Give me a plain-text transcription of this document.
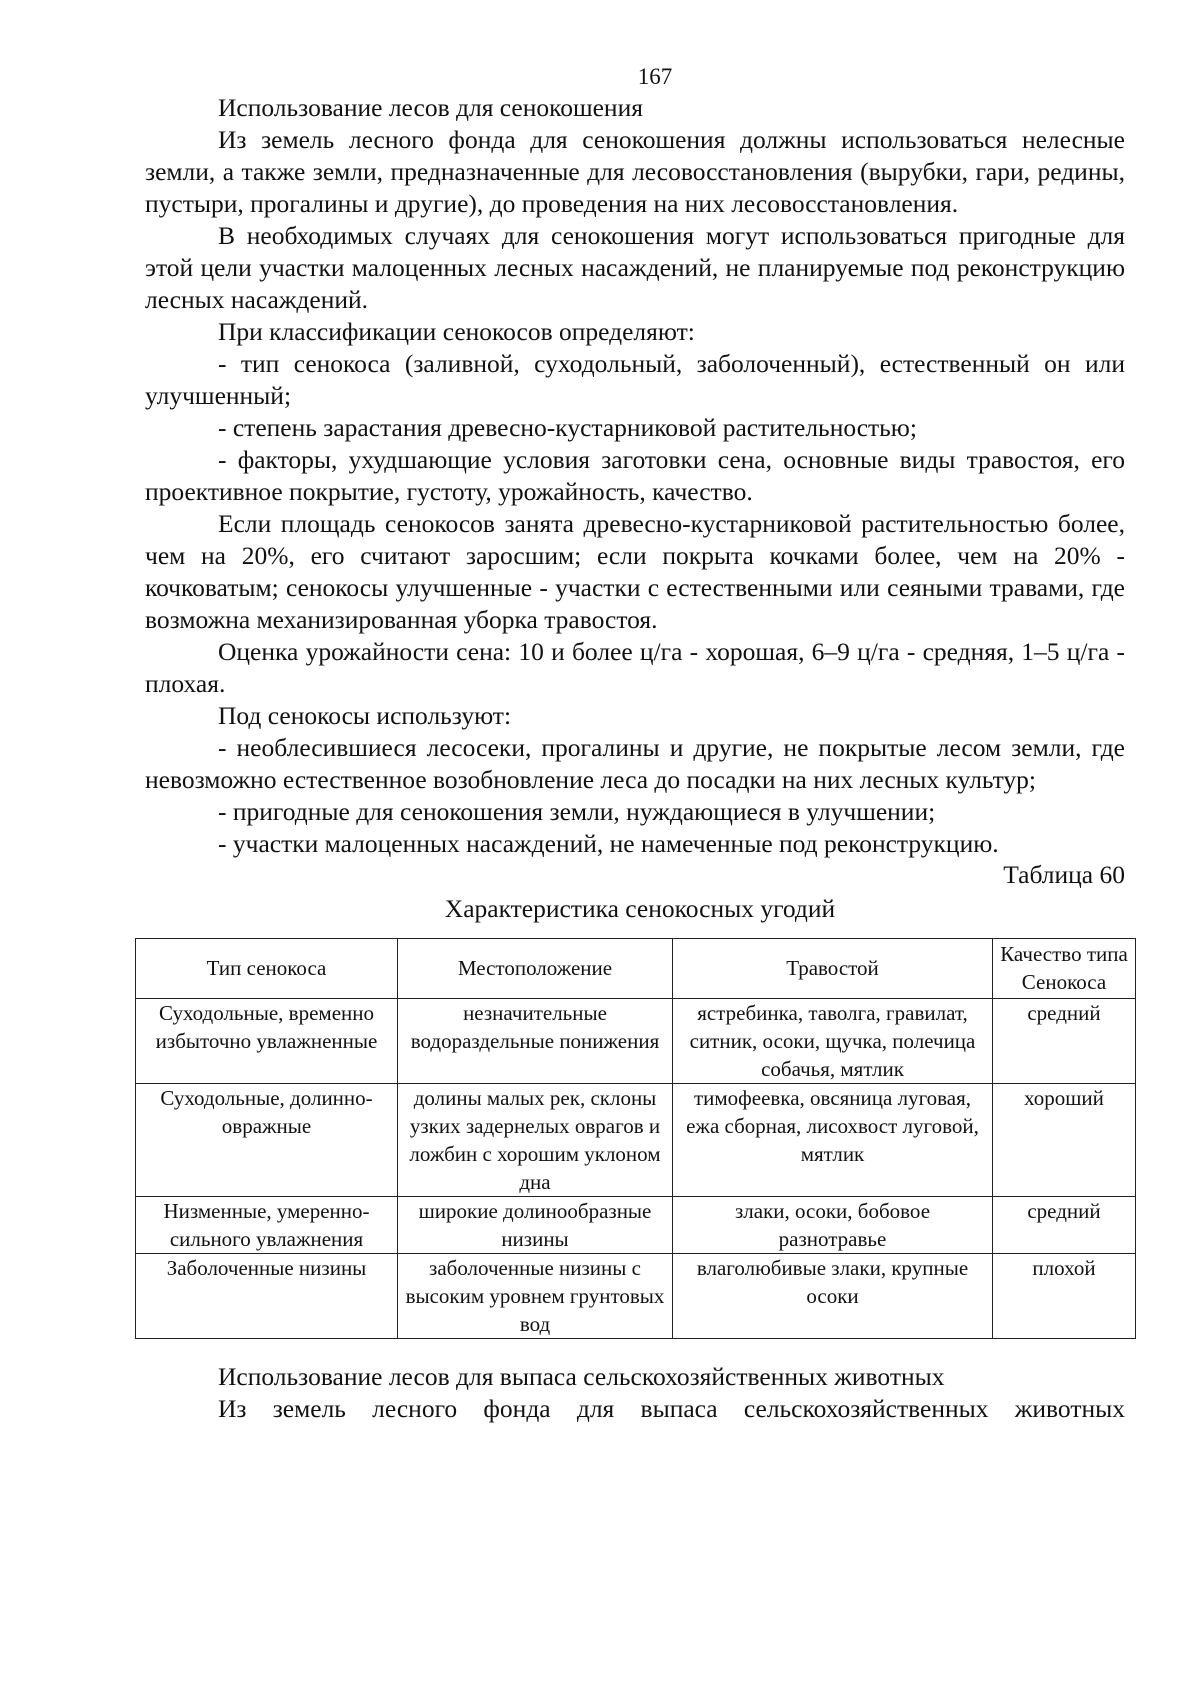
167

Использование лесов для сенокошения

Из земель лесного фонда для сенокошения должны использоваться нелесные земли, а также земли, предназначенные для лесовосстановления (вырубки, гари, редины, пустыри, прогалины и другие), до проведения на них лесовосстановления.

В необходимых случаях для сенокошения могут использоваться пригодные для этой цели участки малоценных лесных насаждений, не планируемые под реконструкцию лесных насаждений.

При классификации сенокосов определяют:

- тип сенокоса (заливной, суходольный, заболоченный), естественный он или улучшенный;

- степень зарастания древесно-кустарниковой растительностью;

- факторы, ухудшающие условия заготовки сена, основные виды травостоя, его проективное покрытие, густоту, урожайность, качество.

Если площадь сенокосов занята древесно-кустарниковой растительностью более, чем на 20%, его считают заросшим; если покрыта кочками более, чем на 20% - кочковатым; сенокосы улучшенные - участки с естественными или сеяными травами, где возможна механизированная уборка травостоя.

Оценка урожайности сена: 10 и более ц/га - хорошая, 6–9 ц/га - средняя, 1–5 ц/га - плохая.

Под сенокосы используют:

- необлесившиеся лесосеки, прогалины и другие, не покрытые лесом земли, где невозможно естественное возобновление леса до посадки на них лесных культур;

- пригодные для сенокошения земли, нуждающиеся в улучшении;

- участки малоценных насаждений, не намеченные под реконструкцию.

Таблица 60
Характеристика сенокосных угодий
Тип сенокоса	Местоположение	Травостой	Качество типа Сенокоса
Суходольные, временно избыточно увлажненные	незначительные водораздельные понижения	ястребинка, таволга, гравилат, ситник, осоки, щучка, полечица собачья, мятлик	средний
Суходольные, долинно-овражные	долины малых рек, склоны узких задернелых оврагов и ложбин с хорошим уклоном дна	тимофеевка, овсяница луговая, ежа сборная, лисохвост луговой, мятлик	хороший
Низменные, умеренно-сильного увлажнения	широкие долинообразные низины	злаки, осоки, бобовое разнотравье	средний
Заболоченные низины	заболоченные низины с высоким уровнем грунтовых вод	влаголюбивые злаки, крупные осоки	плохой

Использование лесов для выпаса сельскохозяйственных животных

Из земель лесного фонда для выпаса сельскохозяйственных животных
